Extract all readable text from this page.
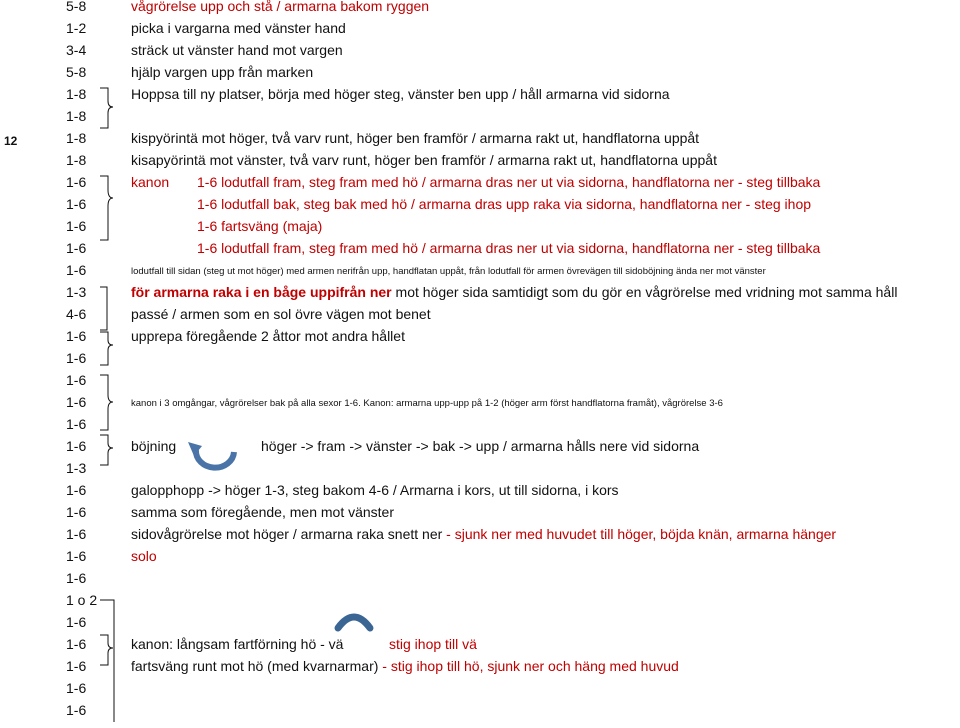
12
5-8	vågrörelse upp och stå / armarna bakom ryggen
1-2	picka i vargarna med vänster hand
3-4	sträck ut vänster hand mot vargen
5-8	hjälp vargen upp från marken
1-8	Hoppsa till ny platser, börja med höger steg, vänster ben upp / håll armarna vid sidorna
1-8
1-8	kispyörintä mot höger, två varv runt, höger ben framför / armarna rakt ut, handflatorna uppåt
1-8	kisapyörintä mot vänster, två varv runt, höger ben framför / armarna rakt ut, handflatorna uppåt
1-6	kanon 1-6 lodutfall fram, steg fram med hö / armarna dras ner ut via sidorna, handflatorna ner - steg tillbaka
1-6	1-6 lodutfall bak, steg bak med hö / armarna dras upp raka via sidorna, handflatorna ner - steg ihop
1-6	1-6 fartsväng (maja)
1-6	1-6 lodutfall fram, steg fram med hö / armarna dras ner ut via sidorna, handflatorna ner - steg tillbaka
1-6	lodutfall till sidan (steg ut mot höger) med armen nerifrån upp, handflatan uppåt, från lodutfall för armen övrevägen till sidoböjning ända ner mot vänster
1-3	för armarna raka i en båge uppifrån ner mot höger sida samtidigt som du gör en vågrörelse med vridning mot samma håll
4-6	passé / armen som en sol övre vägen mot benet
1-6	upprepa föregående 2 åttor mot andra hållet
1-6
1-6
1-6	kanon i 3 omgångar, vågrörelser bak på alla sexor 1-6. Kanon: armarna upp-upp på 1-2 (höger arm först handflatorna framåt), vågrörelse 3-6
1-6
1-6	böjning	höger -> fram -> vänster -> bak -> upp / armarna hålls nere vid sidorna
1-3
1-6	galopphopp -> höger 1-3, steg bakom 4-6 / Armarna i kors, ut till sidorna, i kors
1-6	samma som föregående, men mot vänster
1-6	sidovågrörelse mot höger / armarna raka snett ner - sjunk ner med huvudet till höger, böjda knän, armarna hänger
1-6	solo
1-6
1 o 2
1-6
1-6	kanon: långsam fartförning hö - vä	stig ihop till vä
1-6	fartsväng runt mot hö (med kvarnarmar) - stig ihop till hö, sjunk ner och häng med huvud
1-6
1-6
